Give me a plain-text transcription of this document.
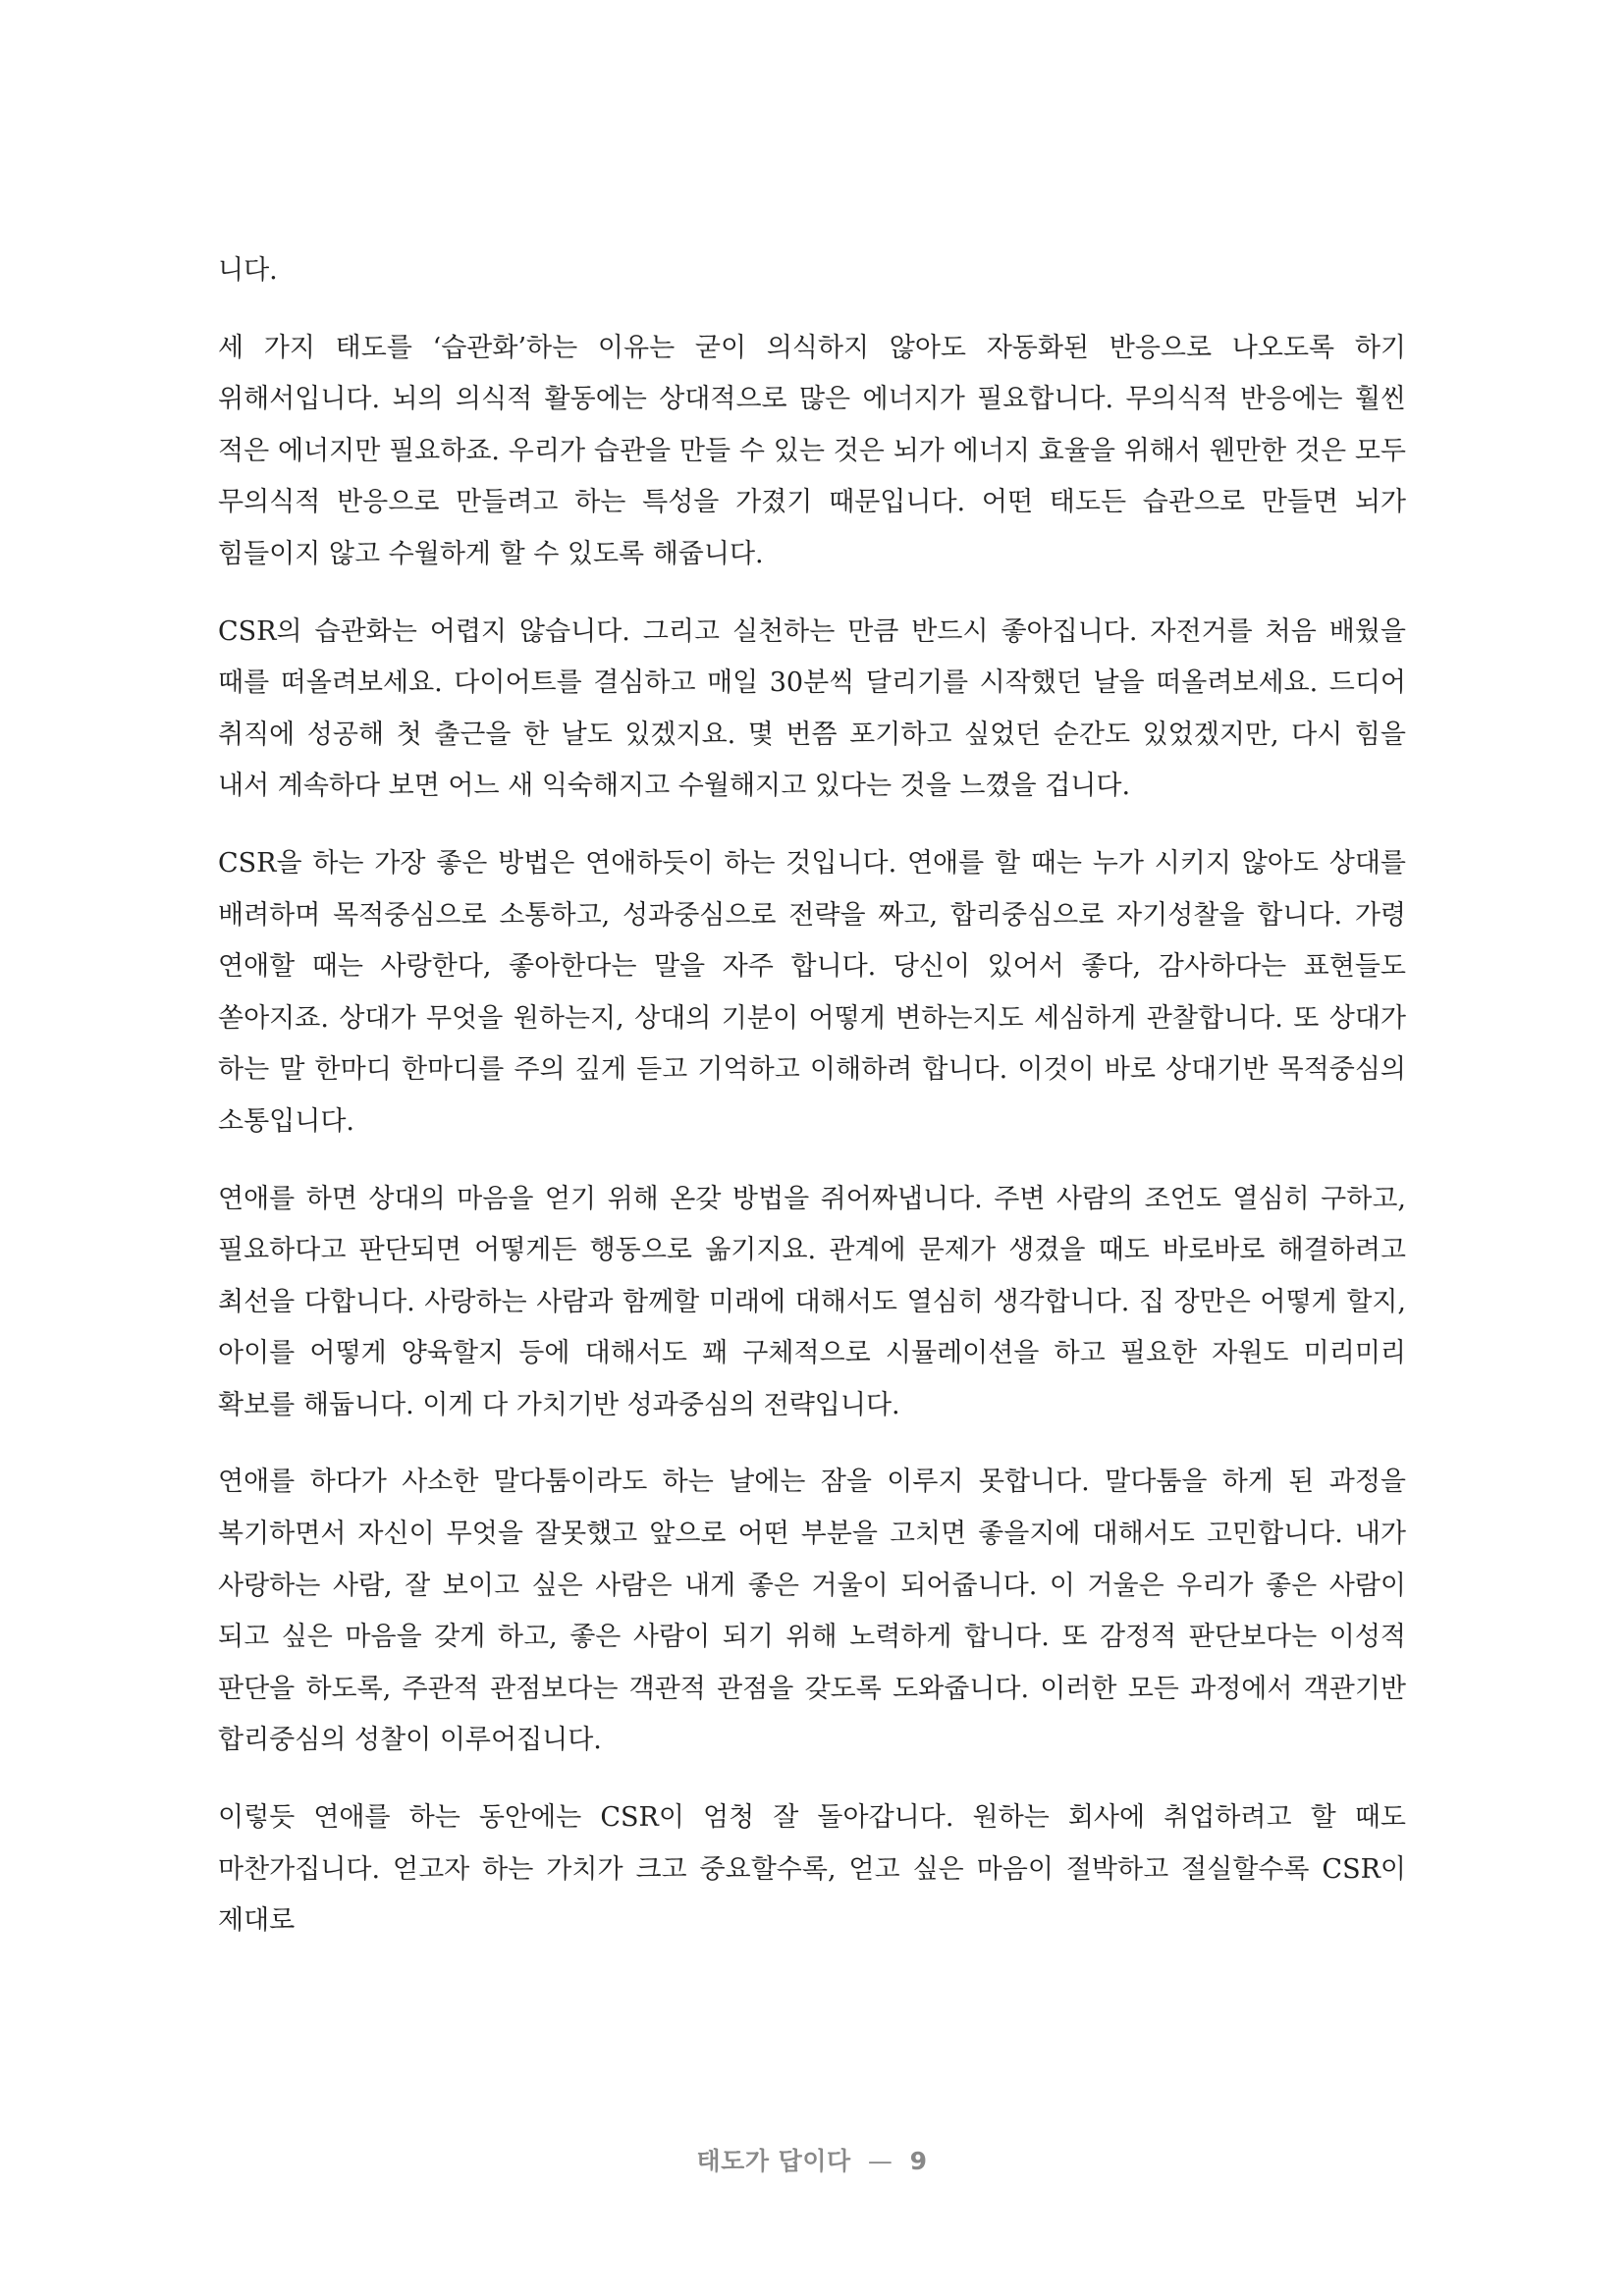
니다.

세 가지 태도를 ‘습관화’하는 이유는 굳이 의식하지 않아도 자동화된 반응으로 나오도록 하기 위해서입니다. 뇌의 의식적 활동에는 상대적으로 많은 에너지가 필요합니다. 무의식적 반응에는 훨씬 적은 에너지만 필요하죠. 우리가 습관을 만들 수 있는 것은 뇌가 에너지 효율을 위해서 웬만한 것은 모두 무의식적 반응으로 만들려고 하는 특성을 가졌기 때문입니다. 어떤 태도든 습관으로 만들면 뇌가 힘들이지 않고 수월하게 할 수 있도록 해줍니다.

CSR의 습관화는 어렵지 않습니다. 그리고 실천하는 만큼 반드시 좋아집니다. 자전거를 처음 배웠을 때를 떠올려보세요. 다이어트를 결심하고 매일 30분씩 달리기를 시작했던 날을 떠올려보세요. 드디어 취직에 성공해 첫 출근을 한 날도 있겠지요. 몇 번쯤 포기하고 싶었던 순간도 있었겠지만, 다시 힘을 내서 계속하다 보면 어느 새 익숙해지고 수월해지고 있다는 것을 느꼈을 겁니다.

CSR을 하는 가장 좋은 방법은 연애하듯이 하는 것입니다. 연애를 할 때는 누가 시키지 않아도 상대를 배려하며 목적중심으로 소통하고, 성과중심으로 전략을 짜고, 합리중심으로 자기성찰을 합니다. 가령 연애할 때는 사랑한다, 좋아한다는 말을 자주 합니다. 당신이 있어서 좋다, 감사하다는 표현들도 쏟아지죠. 상대가 무엇을 원하는지, 상대의 기분이 어떻게 변하는지도 세심하게 관찰합니다. 또 상대가 하는 말 한마디 한마디를 주의 깊게 듣고 기억하고 이해하려 합니다. 이것이 바로 상대기반 목적중심의 소통입니다.

연애를 하면 상대의 마음을 얻기 위해 온갖 방법을 쥐어짜냅니다. 주변 사람의 조언도 열심히 구하고, 필요하다고 판단되면 어떻게든 행동으로 옮기지요. 관계에 문제가 생겼을 때도 바로바로 해결하려고 최선을 다합니다. 사랑하는 사람과 함께할 미래에 대해서도 열심히 생각합니다. 집 장만은 어떻게 할지, 아이를 어떻게 양육할지 등에 대해서도 꽤 구체적으로 시뮬레이션을 하고 필요한 자원도 미리미리 확보를 해둡니다. 이게 다 가치기반 성과중심의 전략입니다.

연애를 하다가 사소한 말다툼이라도 하는 날에는 잠을 이루지 못합니다. 말다툼을 하게 된 과정을 복기하면서 자신이 무엇을 잘못했고 앞으로 어떤 부분을 고치면 좋을지에 대해서도 고민합니다. 내가 사랑하는 사람, 잘 보이고 싶은 사람은 내게 좋은 거울이 되어줍니다. 이 거울은 우리가 좋은 사람이 되고 싶은 마음을 갖게 하고, 좋은 사람이 되기 위해 노력하게 합니다. 또 감정적 판단보다는 이성적 판단을 하도록, 주관적 관점보다는 객관적 관점을 갖도록 도와줍니다. 이러한 모든 과정에서 객관기반 합리중심의 성찰이 이루어집니다.

이렇듯 연애를 하는 동안에는 CSR이 엄청 잘 돌아갑니다. 원하는 회사에 취업하려고 할 때도 마찬가집니다. 얻고자 하는 가치가 크고 중요할수록, 얻고 싶은 마음이 절박하고 절실할수록 CSR이 제대로

태도가 답이다 — 9
